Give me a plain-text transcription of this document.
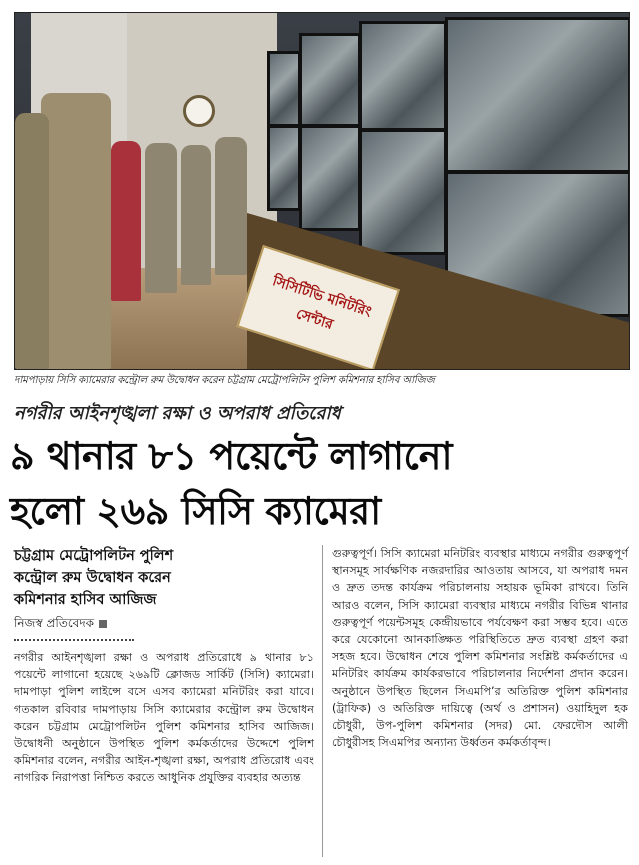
সিসিটিভি মনিটরিং সেন্টার
দামপাড়ায় সিসি ক্যামেরার কন্ট্রোল রুম উদ্বোধন করেন চট্টগ্রাম মেট্রোপলিটন পুলিশ কমিশনার হাসিব আজিজ
নগরীর আইনশৃঙ্খলা রক্ষা ও অপরাধ প্রতিরোধ
৯ থানার ৮১ পয়েন্টে লাগানো
হলো ২৬৯ সিসি ক্যামেরা
চট্টগ্রাম মেট্রোপলিটন পুলিশ
কন্ট্রোল রুম উদ্বোধন করেন
কমিশনার হাসিব আজিজ
নিজস্ব প্রতিবেদক
নগরীর আইনশৃঙ্খলা রক্ষা ও অপরাধ প্রতিরোধে ৯ থানার ৮১ পয়েন্টে লাগানো হয়েছে ২৬৯টি ক্লোজড সার্কিট (সিসি) ক্যামেরা। দামপাড়া পুলিশ লাইন্সে বসে এসব ক্যামেরা মনিটরিং করা যাবে। গতকাল রবিবার দামপাড়ায় সিসি ক্যামেরার কন্ট্রোল রুম উদ্বোধন করেন চট্টগ্রাম মেট্রোপলিটন পুলিশ কমিশনার হাসিব আজিজ। উদ্বোধনী অনুষ্ঠানে উপস্থিত পুলিশ কর্মকর্তাদের উদ্দেশে পুলিশ কমিশনার বলেন, নগরীর আইন-শৃঙ্খলা রক্ষা, অপরাধ প্রতিরোধ এবং নাগরিক নিরাপত্তা নিশ্চিত করতে আধুনিক প্রযুক্তির ব্যবহার অত্যন্ত
গুরুত্বপূর্ণ। সিসি ক্যামেরা মনিটরিং ব্যবস্থার মাধ্যমে নগরীর গুরুত্বপূর্ণ স্থানসমূহ সার্বক্ষণিক নজরদারির আওতায় আসবে, যা অপরাধ দমন ও দ্রুত তদন্ত কার্যক্রম পরিচালনায় সহায়ক ভূমিকা রাখবে। তিনি আরও বলেন, সিসি ক্যামেরা ব্যবস্থার মাধ্যমে নগরীর বিভিন্ন থানার গুরুত্বপূর্ণ পয়েন্টসমূহ কেন্দ্রীয়ভাবে পর্যবেক্ষণ করা সম্ভব হবে। এতে করে যেকোনো আনকাঙ্ক্ষিত পরিস্থিতিতে দ্রুত ব্যবস্থা গ্রহণ করা সহজ হবে। উদ্বোধন শেষে পুলিশ কমিশনার সংশ্লিষ্ট কর্মকর্তাদের এ মনিটরিং কার্যক্রম কার্যকরভাবে পরিচালনার নির্দেশনা প্রদান করেন। অনুষ্ঠানে উপস্থিত ছিলেন সিএমপি’র অতিরিক্ত পুলিশ কমিশনার (ট্রাফিক) ও অতিরিক্ত দায়িত্বে (অর্থ ও প্রশাসন) ওয়াহিদুল হক চৌধুরী, উপ-পুলিশ কমিশনার (সদর) মো. ফেরদৌস আলী চৌধুরীসহ সিএমপির অন্যান্য উর্ধ্বতন কর্মকর্তাবৃন্দ।
